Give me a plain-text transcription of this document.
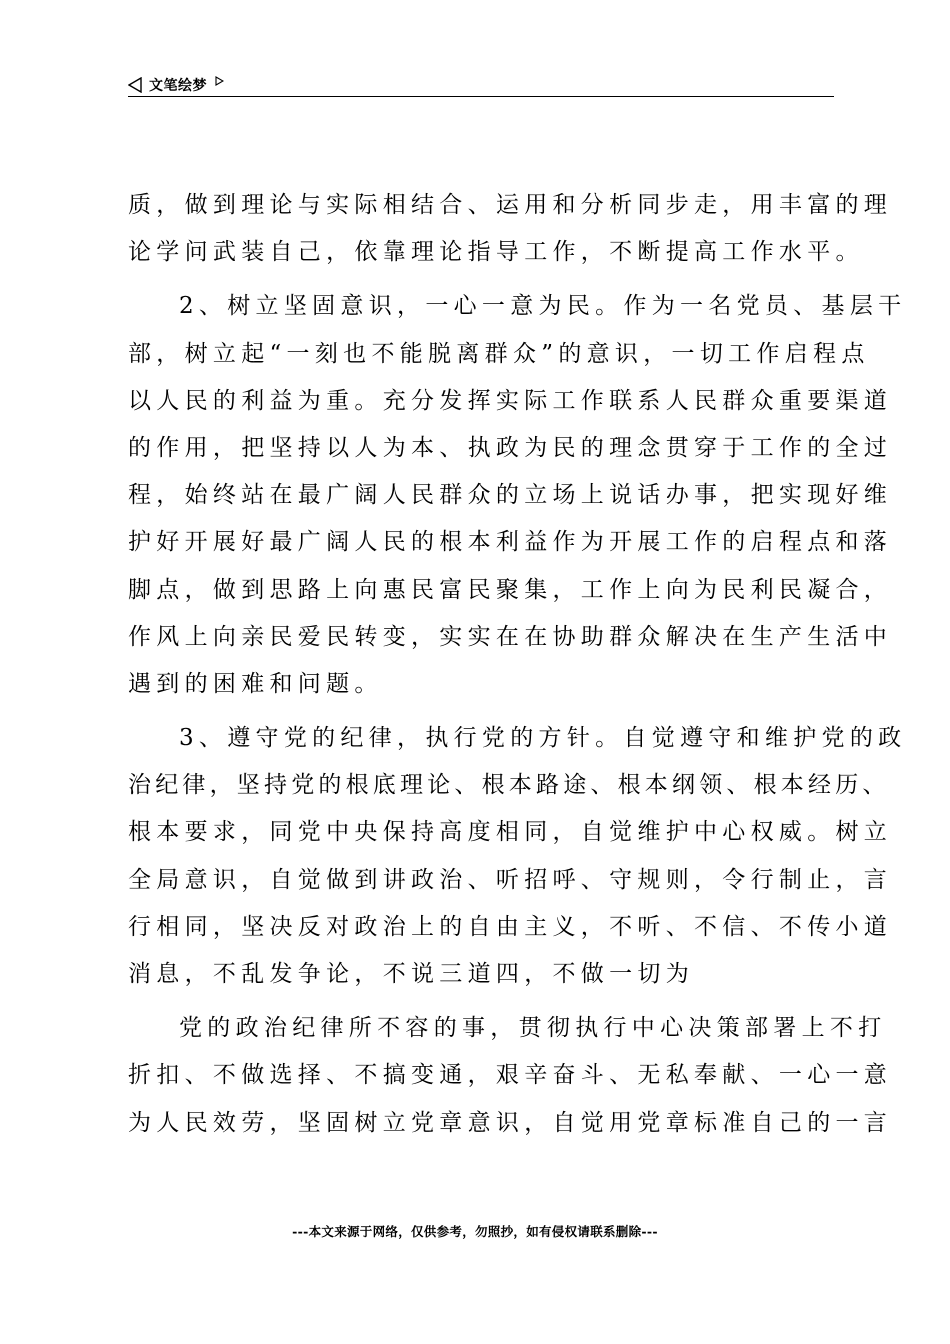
文笔绘梦
质，做到理论与实际相结合、运用和分析同步走，用丰富的理
论学问武装自己，依靠理论指导工作，不断提高工作水平。
2、树立坚固意识，一心一意为民。作为一名党员、基层干
部，树立起“一刻也不能脱离群众”的意识，一切工作启程点
以人民的利益为重。充分发挥实际工作联系人民群众重要渠道
的作用，把坚持以人为本、执政为民的理念贯穿于工作的全过
程，始终站在最广阔人民群众的立场上说话办事，把实现好维
护好开展好最广阔人民的根本利益作为开展工作的启程点和落
脚点，做到思路上向惠民富民聚集，工作上向为民利民凝合，
作风上向亲民爱民转变，实实在在协助群众解决在生产生活中
遇到的困难和问题。
3、遵守党的纪律，执行党的方针。自觉遵守和维护党的政
治纪律，坚持党的根底理论、根本路途、根本纲领、根本经历、
根本要求，同党中央保持高度相同，自觉维护中心权威。树立
全局意识，自觉做到讲政治、听招呼、守规则，令行制止，言
行相同，坚决反对政治上的自由主义，不听、不信、不传小道
消息，不乱发争论，不说三道四，不做一切为
党的政治纪律所不容的事，贯彻执行中心决策部署上不打
折扣、不做选择、不搞变通，艰辛奋斗、无私奉献、一心一意
为人民效劳，坚固树立党章意识，自觉用党章标准自己的一言
---本文来源于网络，仅供参考，勿照抄，如有侵权请联系删除---
